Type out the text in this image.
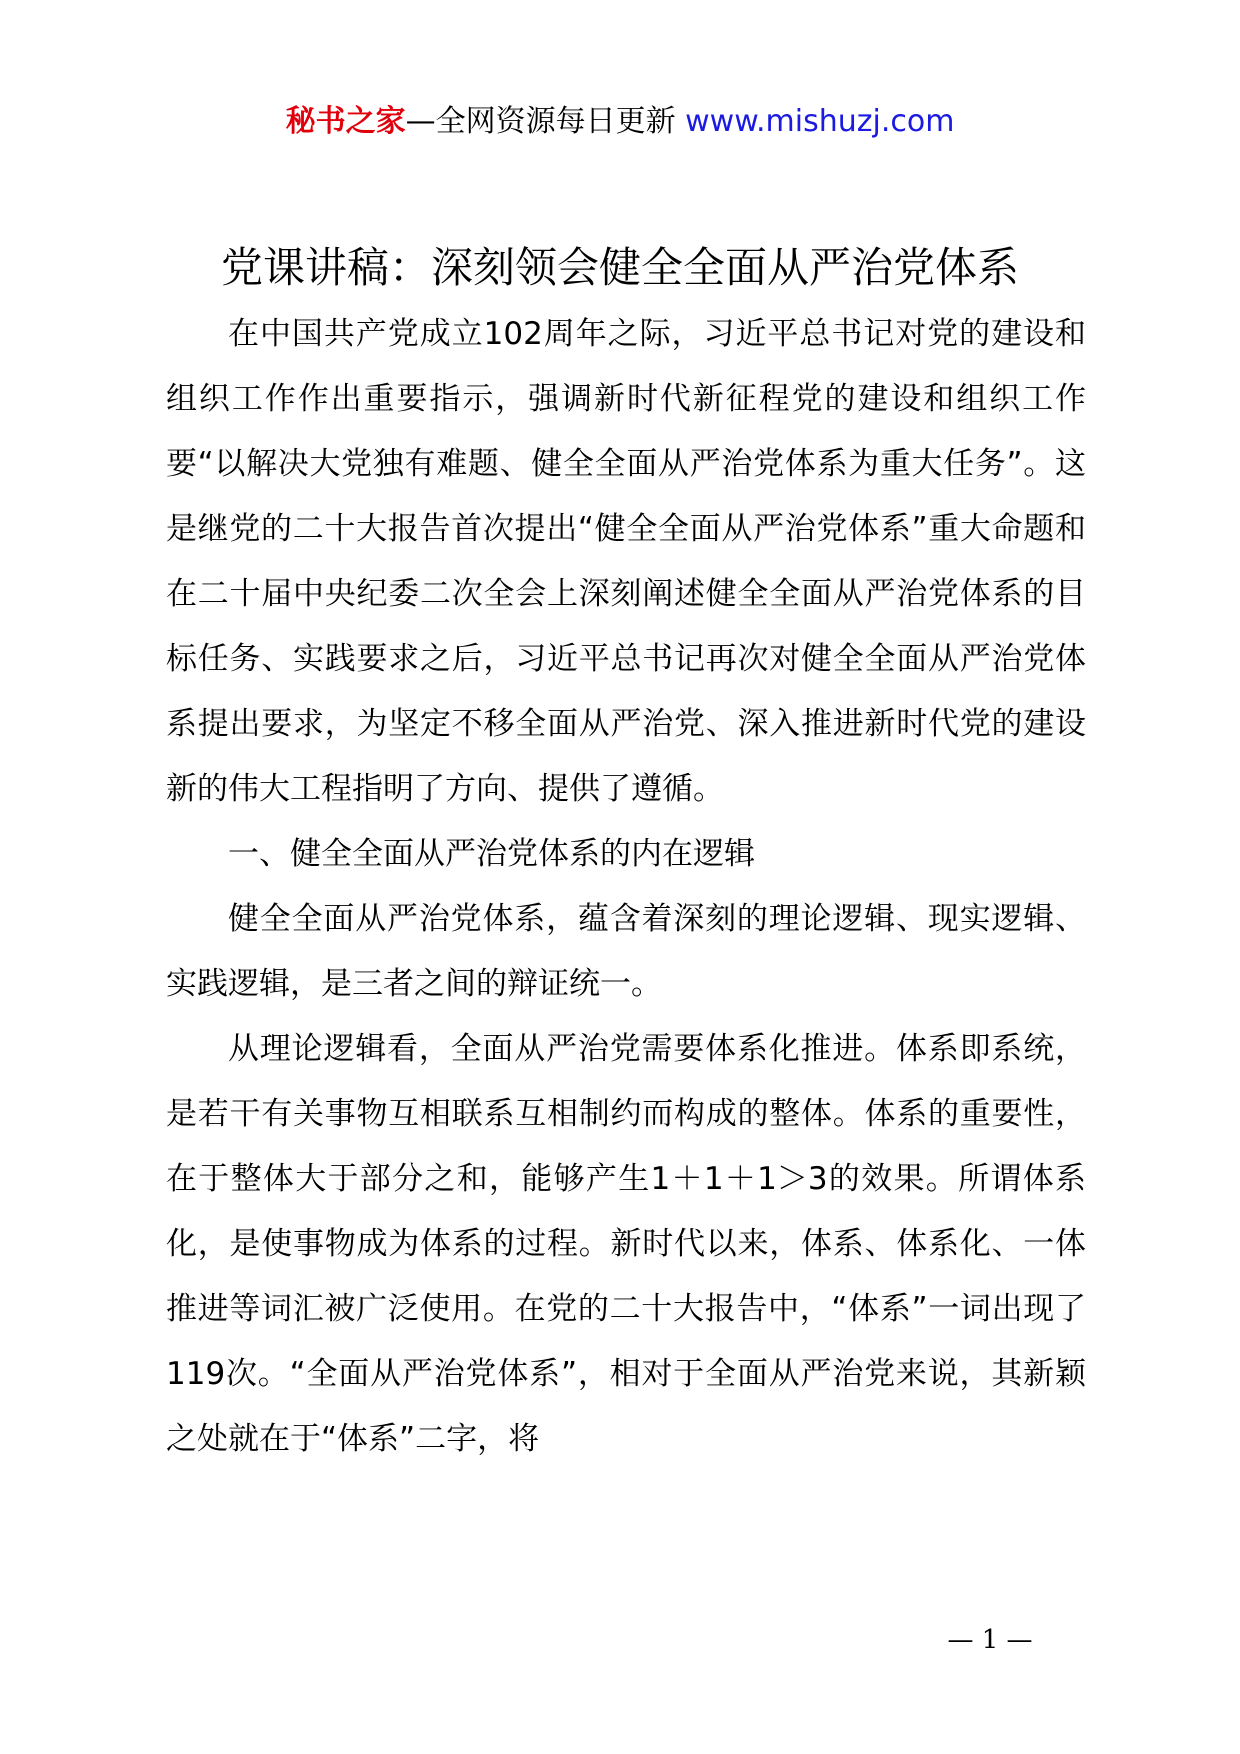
秘书之家—全网资源每日更新 www.mishuzj.com
党课讲稿：深刻领会健全全面从严治党体系

在中国共产党成立102周年之际，习近平总书记对党的建设和组织工作作出重要指示，强调新时代新征程党的建设和组织工作要“以解决大党独有难题、健全全面从严治党体系为重大任务”。这是继党的二十大报告首次提出“健全全面从严治党体系”重大命题和在二十届中央纪委二次全会上深刻阐述健全全面从严治党体系的目标任务、实践要求之后，习近平总书记再次对健全全面从严治党体系提出要求，为坚定不移全面从严治党、深入推进新时代党的建设新的伟大工程指明了方向、提供了遵循。

一、健全全面从严治党体系的内在逻辑

健全全面从严治党体系，蕴含着深刻的理论逻辑、现实逻辑、实践逻辑，是三者之间的辩证统一。

从理论逻辑看，全面从严治党需要体系化推进。体系即系统，是若干有关事物互相联系互相制约而构成的整体。体系的重要性，在于整体大于部分之和，能够产生1＋1＋1＞3的效果。所谓体系化，是使事物成为体系的过程。新时代以来，体系、体系化、一体推进等词汇被广泛使用。在党的二十大报告中，“体系”一词出现了119次。“全面从严治党体系”，相对于全面从严治党来说，其新颖之处就在于“体系”二字，将

— 1 —
